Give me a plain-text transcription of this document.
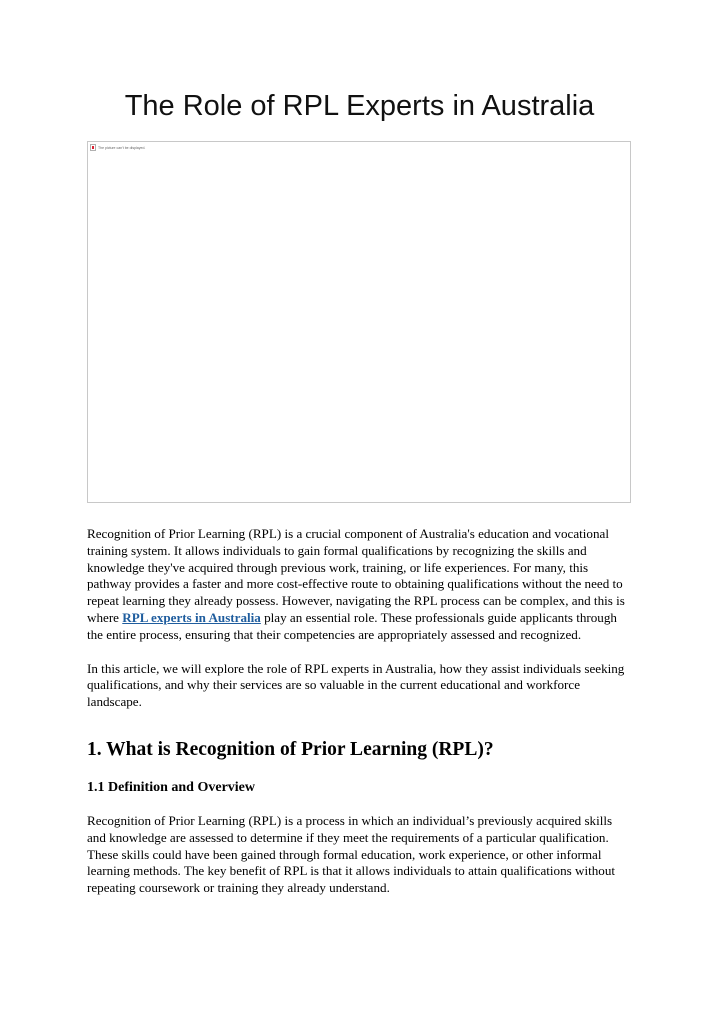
The Role of RPL Experts in Australia
The picture can't be displayed.

Recognition of Prior Learning (RPL) is a crucial component of Australia's education and vocational training system. It allows individuals to gain formal qualifications by recognizing the skills and knowledge they've acquired through previous work, training, or life experiences. For many, this pathway provides a faster and more cost-effective route to obtaining qualifications without the need to repeat learning they already possess. However, navigating the RPL process can be complex, and this is where RPL experts in Australia play an essential role. These professionals guide applicants through the entire process, ensuring that their competencies are appropriately assessed and recognized.

In this article, we will explore the role of RPL experts in Australia, how they assist individuals seeking qualifications, and why their services are so valuable in the current educational and workforce landscape.

1. What is Recognition of Prior Learning (RPL)?
1.1 Definition and Overview

Recognition of Prior Learning (RPL) is a process in which an individual’s previously acquired skills and knowledge are assessed to determine if they meet the requirements of a particular qualification. These skills could have been gained through formal education, work experience, or other informal learning methods. The key benefit of RPL is that it allows individuals to attain qualifications without repeating coursework or training they already understand.
